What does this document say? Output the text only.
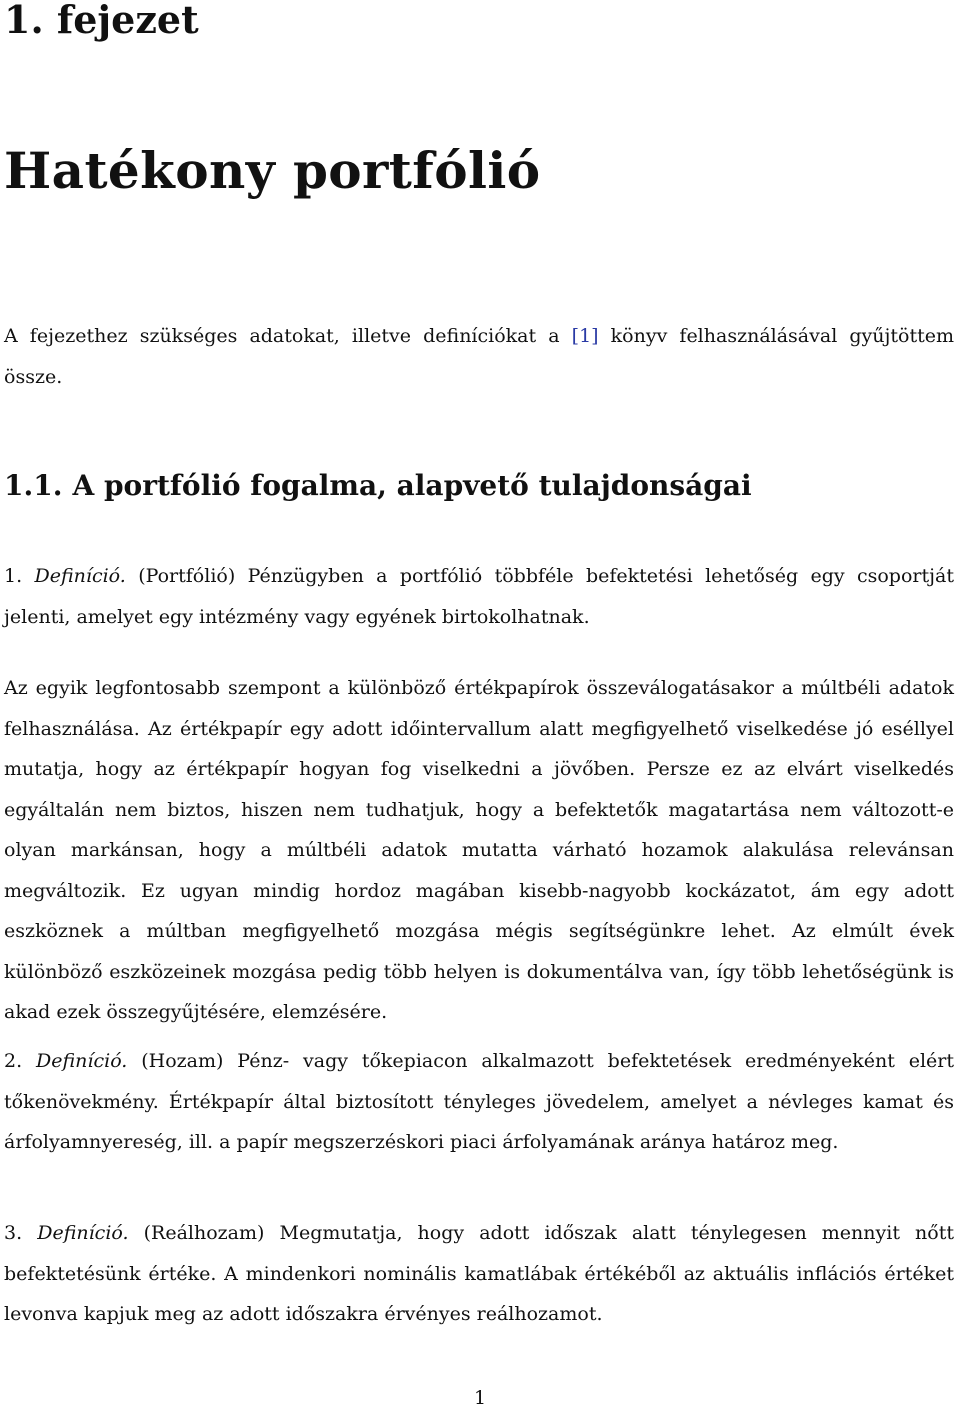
1. fejezet
Hatékony portfólió

A fejezethez szükséges adatokat, illetve definíciókat a [1] könyv felhasználásával gyűjtöttem össze.

1.1. A portfólió fogalma, alapvető tulajdonságai

1. Definíció. (Portfólió) Pénzügyben a portfólió többféle befektetési lehetőség egy csoportját jelenti, amelyet egy intézmény vagy egyének birtokolhatnak.

Az egyik legfontosabb szempont a különböző értékpapírok összeválogatásakor a múltbéli adatok felhasználása. Az értékpapír egy adott időintervallum alatt megfigyelhető viselkedése jó eséllyel mutatja, hogy az értékpapír hogyan fog viselkedni a jövőben. Persze ez az elvárt viselkedés egyáltalán nem biztos, hiszen nem tudhatjuk, hogy a befektetők magatartása nem változott-e olyan markánsan, hogy a múltbéli adatok mutatta várható hozamok alakulása relevánsan megváltozik. Ez ugyan mindig hordoz magában kisebb-nagyobb kockázatot, ám egy adott eszköznek a múltban megfigyelhető mozgása mégis segítségünkre lehet. Az elmúlt évek különböző eszközeinek mozgása pedig több helyen is dokumentálva van, így több lehetőségünk is akad ezek összegyűjtésére, elemzésére.

2. Definíció. (Hozam) Pénz- vagy tőkepiacon alkalmazott befektetések eredményeként elért tőkenövekmény. Értékpapír által biztosított tényleges jövedelem, amelyet a névleges kamat és árfolyamnyereség, ill. a papír megszerzéskori piaci árfolyamának aránya határoz meg.

3. Definíció. (Reálhozam) Megmutatja, hogy adott időszak alatt ténylegesen mennyit nőtt befektetésünk értéke. A mindenkori nominális kamatlábak értékéből az aktuális inflációs értéket levonva kapjuk meg az adott időszakra érvényes reálhozamot.

1
